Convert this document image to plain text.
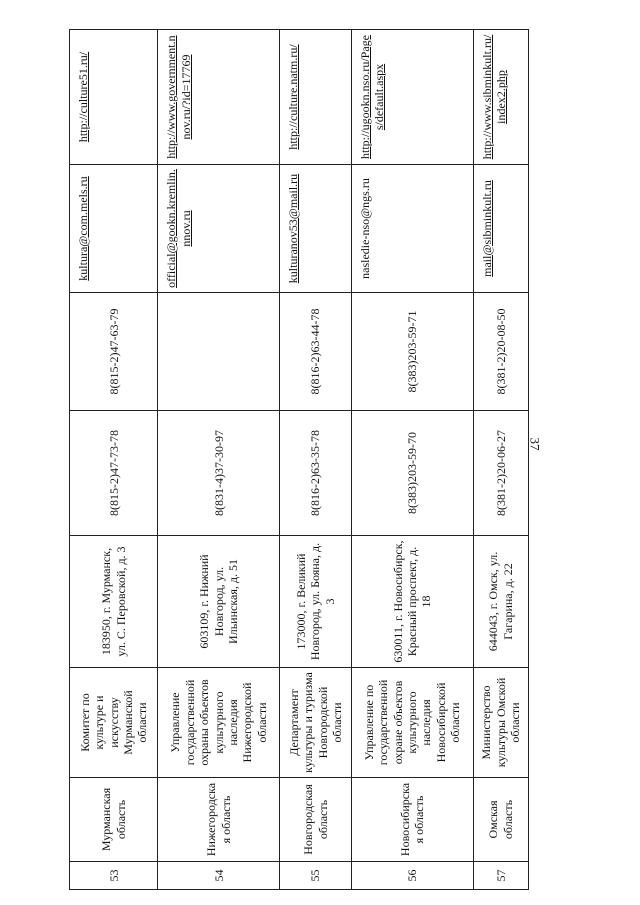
37
53	Мурманская область	Комитет по культуре и искусству Мурманской области	183950, г. Мурманск, ул. С. Перовской, д. 3	8(815-2)47-73-78	8(815-2)47-63-79	kultura@com.mels.ru	http://culture51.ru/
54	Нижегородская область	Управление государственной охраны объектов культурного наследия Нижегородской области	603109, г. Нижний Новгород, ул. Ильинская, д. 51	8(831-4)37-30-97		official@gookn.kremlin.nnov.ru	http://www.government.nnov.ru/?id=17769
55	Новгородская область	Департамент культуры и туризма Новгородской области	173000, г. Великий Новгород, ул. Бояна, д. 3	8(816-2)63-35-78	8(816-2)63-44-78	kulturanov53@mail.ru	http://culture.natm.ru/
56	Новосибирская область	Управление по государственной охране объектов культурного наследия Новосибирской области	630011, г. Новосибирск, Красный проспект, д. 18	8(383)203-59-70	8(383)203-59-71	nasledie-nso@ngs.ru	http://ugookn.nso.ru/Pages/default.aspx
57	Омская область	Министерство культуры Омской области	644043, г. Омск, ул. Гагарина, д. 22	8(381-2)20-06-27	8(381-2)20-08-50	mail@sibminkult.ru	http://www.sibminkult.ru/index2.php
